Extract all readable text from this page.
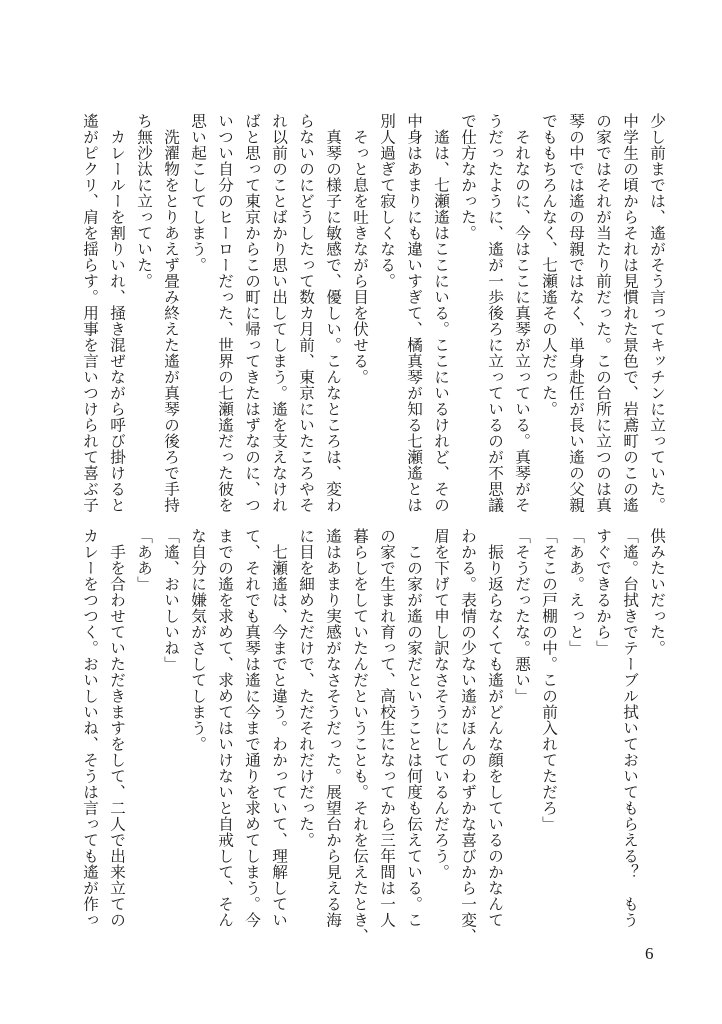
少し前までは、遙がそう言ってキッチンに立っていた。
中学生の頃からそれは見慣れた景色で、岩鳶町のこの遙
の家ではそれが当たり前だった。この台所に立つのは真
琴の中では遙の母親ではなく、単身赴任が長い遙の父親
でももちろんなく、七瀬遙その人だった。
　それなのに、今はここに真琴が立っている。真琴がそ
うだったように、遙が一歩後ろに立っているのが不思議
で仕方なかった。
　遙は、七瀬遙はここにいる。ここにいるけれど、その
中身はあまりにも違いすぎて、橘真琴が知る七瀬遙とは
別人過ぎて寂しくなる。
　そっと息を吐きながら目を伏せる。
　真琴の様子に敏感で、優しい。こんなところは、変わ
らないのにどうしたって数カ月前、東京にいたころやそ
れ以前のことばかり思い出してしまう。遙を支えなけれ
ばと思って東京からこの町に帰ってきたはずなのに、つ
いつい自分のヒーローだった、世界の七瀬遙だった彼を
思い起こしてしまう。
　洗濯物をとりあえず畳み終えた遙が真琴の後ろで手持
ち無沙汰に立っていた。
　カレールーを割りいれ、掻き混ぜながら呼び掛けると
遙がピクリ、肩を揺らす。用事を言いつけられて喜ぶ子
供みたいだった。
「遙。台拭きでテーブル拭いておいてもらえる？　もう
すぐできるから」
「ああ。えっと」
「そこの戸棚の中。この前入れてただろ」
「そうだったな。悪い」
　振り返らなくても遙がどんな顔をしているのかなんて
わかる。表情の少ない遙がほんのわずかな喜びから一変、
眉を下げて申し訳なさそうにしているんだろう。
　この家が遙の家だということは何度も伝えている。こ
の家で生まれ育って、高校生になってから三年間は一人
暮らしをしていたんだということも。それを伝えたとき、
遙はあまり実感がなさそうだった。展望台から見える海
に目を細めただけで、ただそれだけだった。
　七瀬遙は、今までと違う。わかっていて、理解してい
て、それでも真琴は遙に今まで通りを求めてしまう。今
までの遙を求めて、求めてはいけないと自戒して、そん
な自分に嫌気がさしてしまう。
「遙、おいしいね」
「ああ」
　手を合わせていただきますをして、二人で出来立ての
カレーをつつく。おいしいね、そうは言っても遙が作っ
6
